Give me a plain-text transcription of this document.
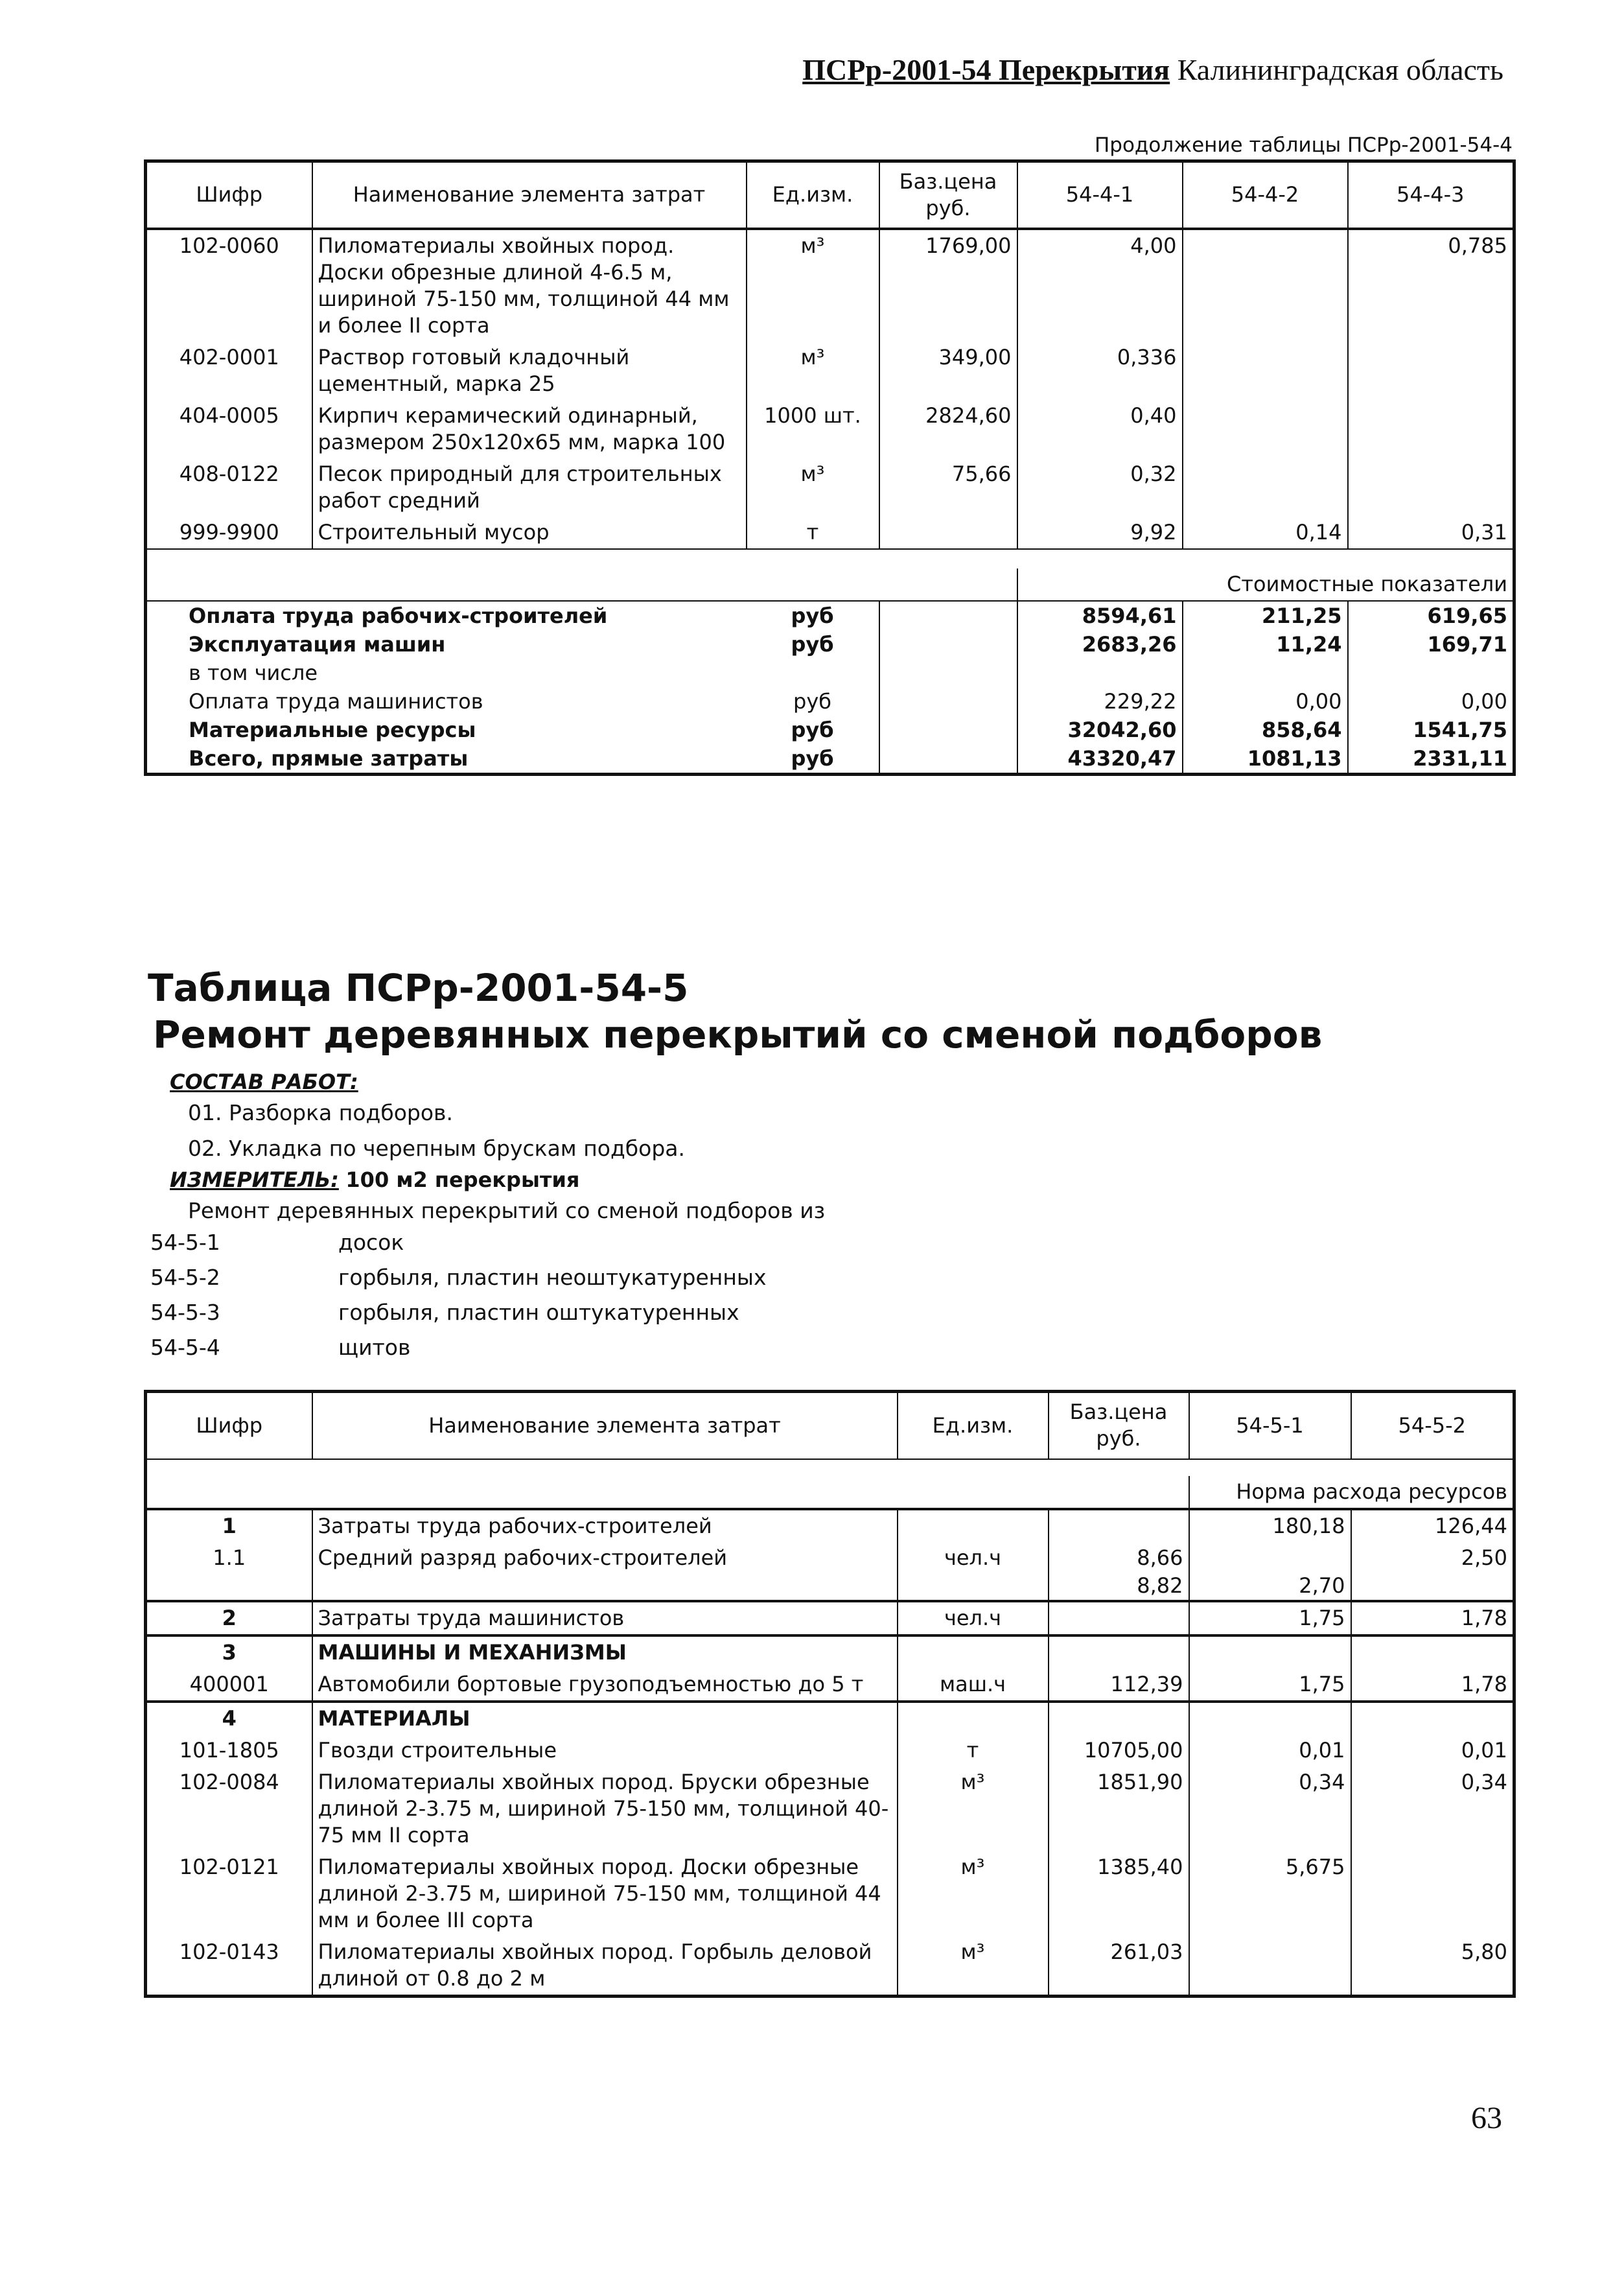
ПСРр-2001-54 Перекрытия Калининградская область
Продолжение таблицы ПСРр-2001-54-4
Шифр	Наименование элемента затрат	Ед.изм.	Баз.цена руб.	54-4-1	54-4-2	54-4-3
102-0060	Пиломатериалы хвойных пород. Доски обрезные длиной 4-6.5 м, шириной 75-150 мм, толщиной 44 мм и более II сорта	м³	1769,00	4,00		0,785
402-0001	Раствор готовый кладочный цементный, марка 25	м³	349,00	0,336		
404-0005	Кирпич керамический одинарный, размером 250x120x65 мм, марка 100	1000 шт.	2824,60	0,40		
408-0122	Песок природный для строительных работ средний	м³	75,66	0,32		
999-9900	Строительный мусор	т		9,92	0,14	0,31

				Стоимостные показатели		
Оплата труда рабочих-строителей		руб		8594,61	211,25	619,65
Эксплуатация машин		руб		2683,26	11,24	169,71
в том числе						
Оплата труда машинистов		руб		229,22	0,00	0,00
Материальные ресурсы		руб		32042,60	858,64	1541,75
Всего, прямые затраты		руб		43320,47	1081,13	2331,11
Таблица ПСРр-2001-54-5
Ремонт деревянных перекрытий со сменой подборов
СОСТАВ РАБОТ:
01. Разборка подборов.
02. Укладка по черепным брускам подбора.
ИЗМЕРИТЕЛЬ: 100 м2 перекрытия
Ремонт деревянных перекрытий со сменой подборов из
54-5-1	досок
54-5-2	горбыля, пластин неоштукатуренных
54-5-3	горбыля, пластин оштукатуренных
54-5-4	щитов
Шифр	Наименование элемента затрат	Ед.изм.	Баз.цена руб.	54-5-1	54-5-2

				Норма расхода ресурсов	
1	Затраты труда рабочих-строителей			180,18	126,44
1.1	Средний разряд рабочих-строителей	чел.ч	8,66		2,50
			8,82	2,70	
2	Затраты труда машинистов	чел.ч		1,75	1,78
3	МАШИНЫ И МЕХАНИЗМЫ				
400001	Автомобили бортовые грузоподъемностью до 5 т	маш.ч	112,39	1,75	1,78
4	МАТЕРИАЛЫ				
101-1805	Гвозди строительные	т	10705,00	0,01	0,01
102-0084	Пиломатериалы хвойных пород. Бруски обрезные длиной 2-3.75 м, шириной 75-150 мм, толщиной 40-75 мм II сорта	м³	1851,90	0,34	0,34
102-0121	Пиломатериалы хвойных пород. Доски обрезные длиной 2-3.75 м, шириной 75-150 мм, толщиной 44 мм и более III сорта	м³	1385,40	5,675	
102-0143	Пиломатериалы хвойных пород. Горбыль деловой длиной от 0.8 до 2 м	м³	261,03		5,80
63
